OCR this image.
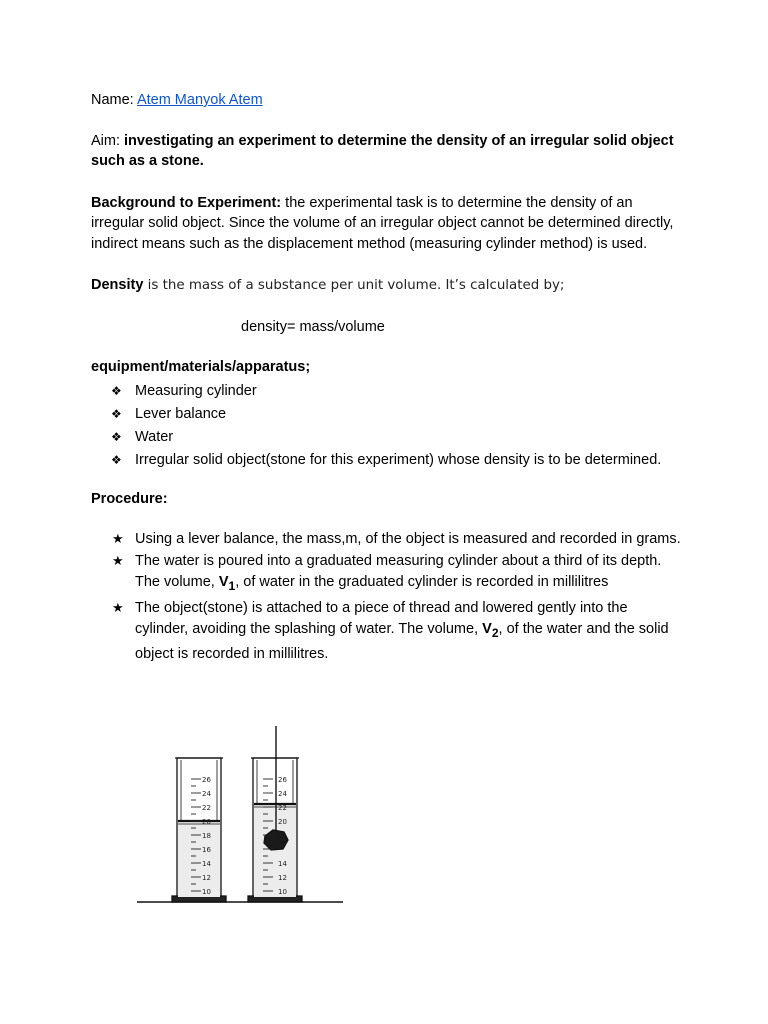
Name: Atem Manyok Atem

Aim: investigating an experiment to determine the density of an irregular solid object such as a stone.

Background to Experiment: the experimental task is to determine the density of an irregular solid object. Since the volume of an irregular object cannot be determined directly, indirect means such as the displacement method (measuring cylinder method) is used.

Density is the mass of a substance per unit volume. It’s calculated by;

density= mass/volume

equipment/materials/apparatus;

❖ Measuring cylinder
❖ Lever balance
❖ Water
❖ Irregular solid object(stone for this experiment) whose density is to be determined.

Procedure:

★ Using a lever balance, the mass,m, of the object is measured and recorded in grams.
★ The water is poured into a graduated measuring cylinder about a third of its depth. The volume, $V_1$, of water in the graduated cylinder is recorded in millilitres
★ The object(stone) is attached to a piece of thread and lowered gently into the cylinder, avoiding the splashing of water. The volume, $V_2$, of the water and the solid object is recorded in millilitres.
26
24
22
20
18
16
14
12
10
26
24
22
20
14
12
10
